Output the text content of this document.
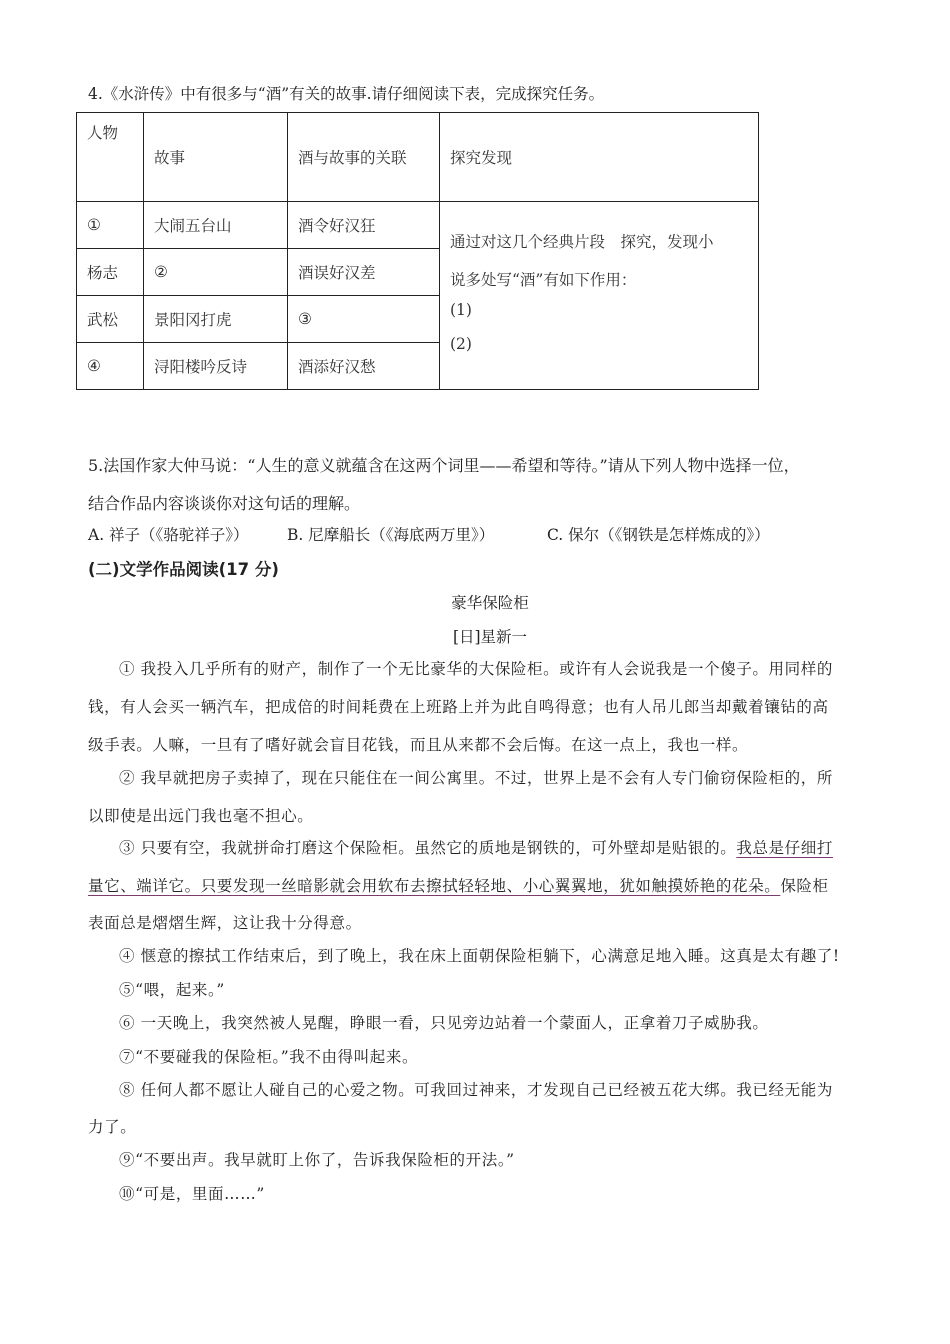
4.《水浒传》中有很多与“酒”有关的故事.请仔细阅读下表，完成探究任务。
人物	故事	酒与故事的关联	探究发现
①	大闹五台山	酒令好汉狂	通过对这几个经典片段　探究，发现小
说多处写“酒”有如下作用：
(1)
(2)

杨志	②	酒误好汉差	
武松	景阳冈打虎	③	
④	浔阳楼吟反诗	酒添好汉愁	
5.法国作家大仲马说：“人生的意义就蕴含在这两个词里——希望和等待。”请从下列人物中选择一位，
结合作品内容谈谈你对这句话的理解。
A. 祥子（《骆驼祥子》） B. 尼摩船长（《海底两万里》）	C. 保尔（《钢铁是怎样炼成的》）
(二)文学作品阅读(17 分)
豪华保险柜
[日]星新一
① 我投入几乎所有的财产，制作了一个无比豪华的大保险柜。或许有人会说我是一个傻子。用同样的
钱，有人会买一辆汽车，把成倍的时间耗费在上班路上并为此自鸣得意；也有人吊儿郎当却戴着镶钻的高
级手表。人嘛，一旦有了嗜好就会盲目花钱，而且从来都不会后悔。在这一点上，我也一样。
② 我早就把房子卖掉了，现在只能住在一间公寓里。不过，世界上是不会有人专门偷窃保险柜的，所
以即使是出远门我也毫不担心。
③ 只要有空，我就拼命打磨这个保险柜。虽然它的质地是钢铁的，可外壁却是贴银的。我总是仔细打
量它、端详它。只要发现一丝暗影就会用软布去擦拭轻轻地、小心翼翼地，犹如触摸娇艳的花朵。保险柜
表面总是熠熠生辉，这让我十分得意。
④ 惬意的擦拭工作结束后，到了晚上，我在床上面朝保险柜躺下，心满意足地入睡。这真是太有趣了!
⑤“喂，起来。”
⑥ 一天晚上，我突然被人晃醒，睁眼一看，只见旁边站着一个蒙面人，正拿着刀子威胁我。
⑦“不要碰我的保险柜。”我不由得叫起来。
⑧ 任何人都不愿让人碰自己的心爱之物。可我回过神来，才发现自己已经被五花大绑。我已经无能为
力了。
⑨“不要出声。我早就盯上你了，告诉我保险柜的开法。”
⑩“可是，里面……”
